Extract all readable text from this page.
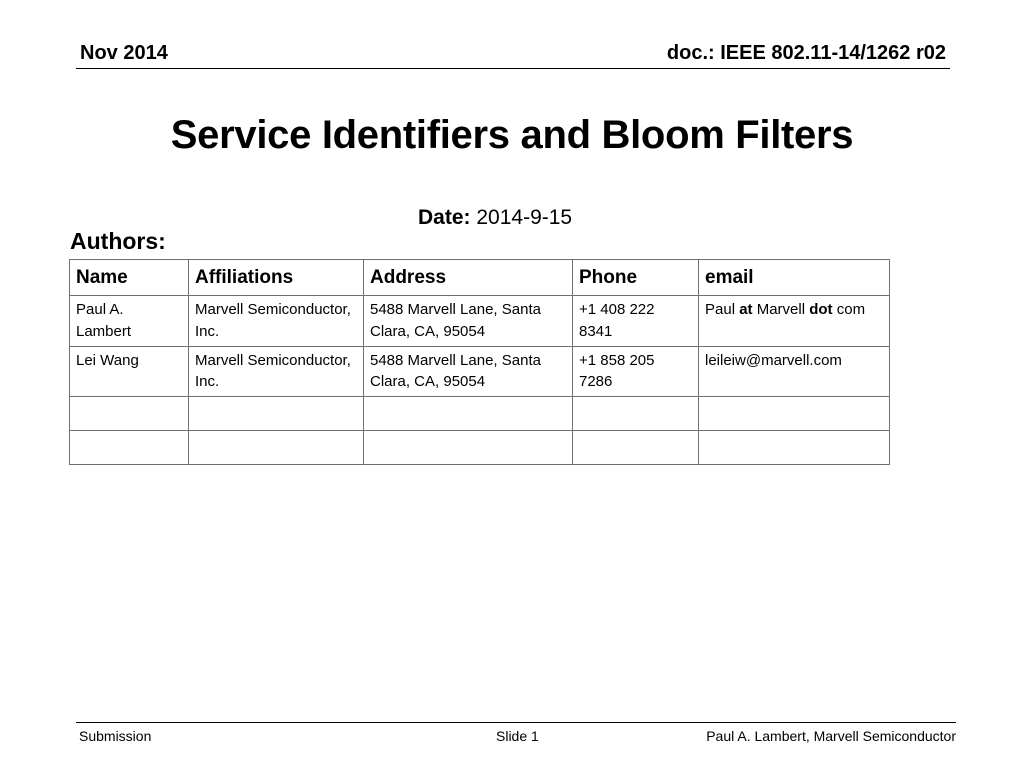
Nov 2014	doc.: IEEE 802.11-14/1262 r02
Service Identifiers and Bloom Filters
Date: 2014-9-15
Authors:
Name	Affiliations	Address	Phone	email
Paul A. Lambert	Marvell Semiconductor, Inc.	5488 Marvell Lane, Santa Clara, CA, 95054	+1 408 222 8341	Paul at Marvell dot com
Lei Wang	Marvell Semiconductor, Inc.	5488 Marvell Lane, Santa Clara, CA, 95054	+1 858 205 7286	leileiw@marvell.com

Submission	Slide 1	Paul A. Lambert, Marvell Semiconductor
